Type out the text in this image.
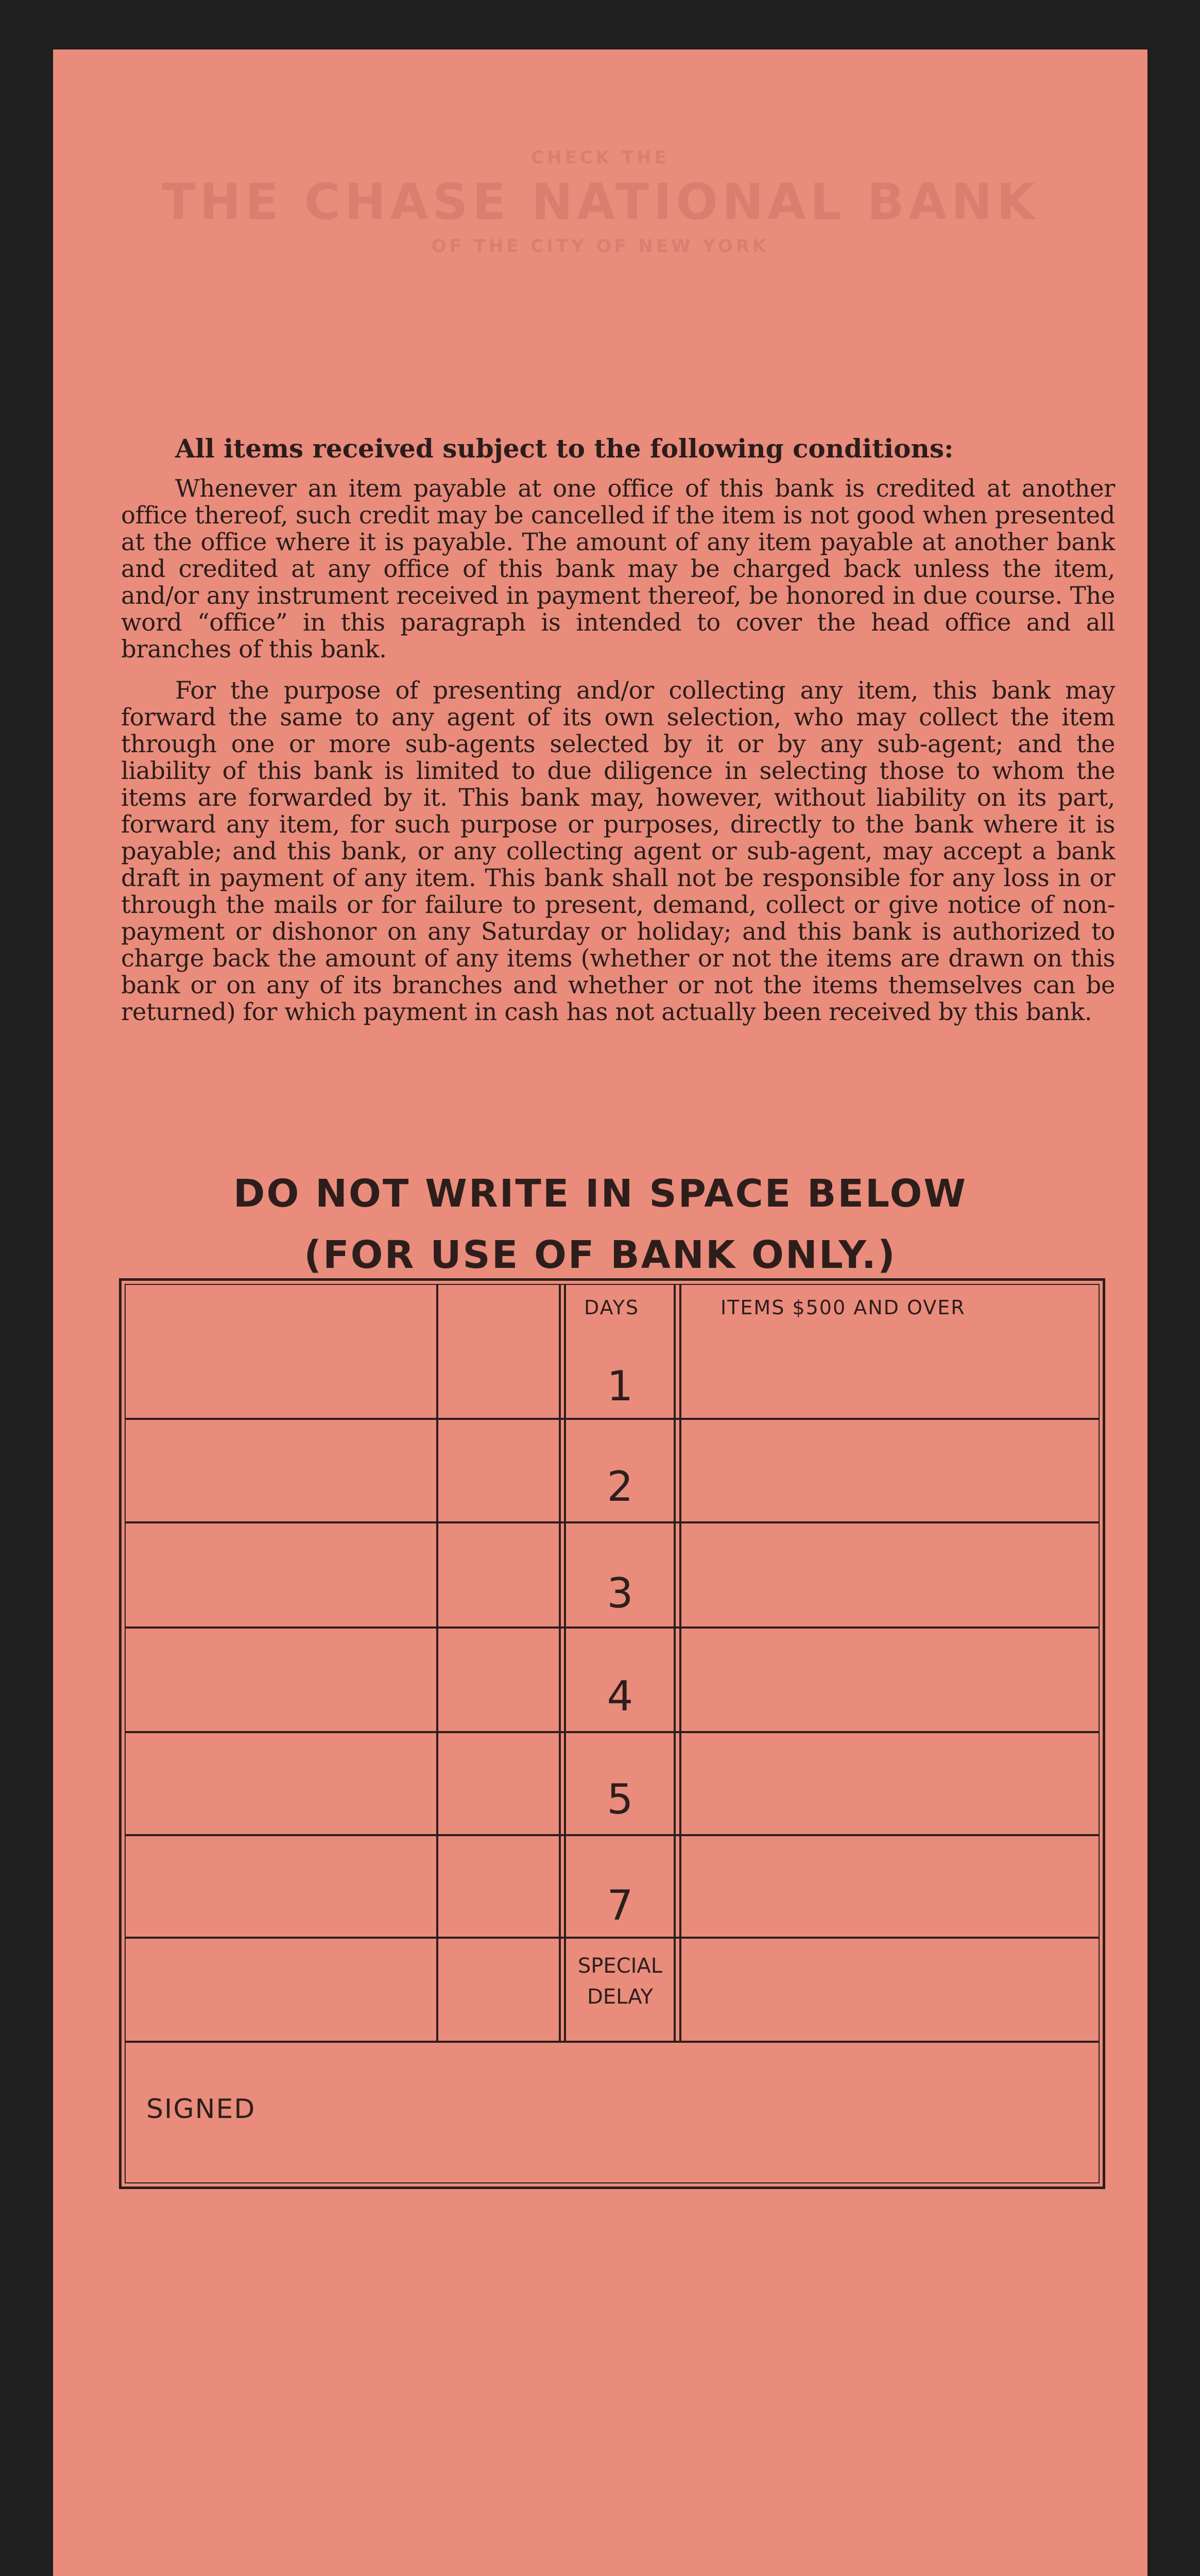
CHECK THE
THE CHASE NATIONAL BANK
OF THE CITY OF NEW YORK
All items received subject to the following conditions:

Whenever an item payable at one office of this bank is credited at another office thereof, such credit may be cancelled if the item is not good when presented at the office where it is payable. The amount of any item payable at another bank and credited at any office of this bank may be charged back unless the item, and/or any instrument received in payment thereof, be honored in due course. The word “office” in this paragraph is intended to cover the head office and all branches of this bank.

For the purpose of presenting and/or collecting any item, this bank may forward the same to any agent of its own selection, who may collect the item through one or more sub-agents selected by it or by any sub-agent; and the liability of this bank is limited to due diligence in selecting those to whom the items are forwarded by it. This bank may, however, without liability on its part, forward any item, for such purpose or purposes, directly to the bank where it is payable; and this bank, or any collecting agent or sub-agent, may accept a bank draft in payment of any item. This bank shall not be responsible for any loss in or through the mails or for failure to present, demand, collect or give notice of non-payment or dishonor on any Saturday or holiday; and this bank is authorized to charge back the amount of any items (whether or not the items are drawn on this bank or on any of its branches and whether or not the items themselves can be returned) for which payment in cash has not actually been received by this bank.

DO NOT WRITE IN SPACE BELOW
(FOR USE OF BANK ONLY.)
DAYS	ITEMS $500 AND OVER
1
2
3
4
5
7
SPECIAL
DELAY
SIGNED
